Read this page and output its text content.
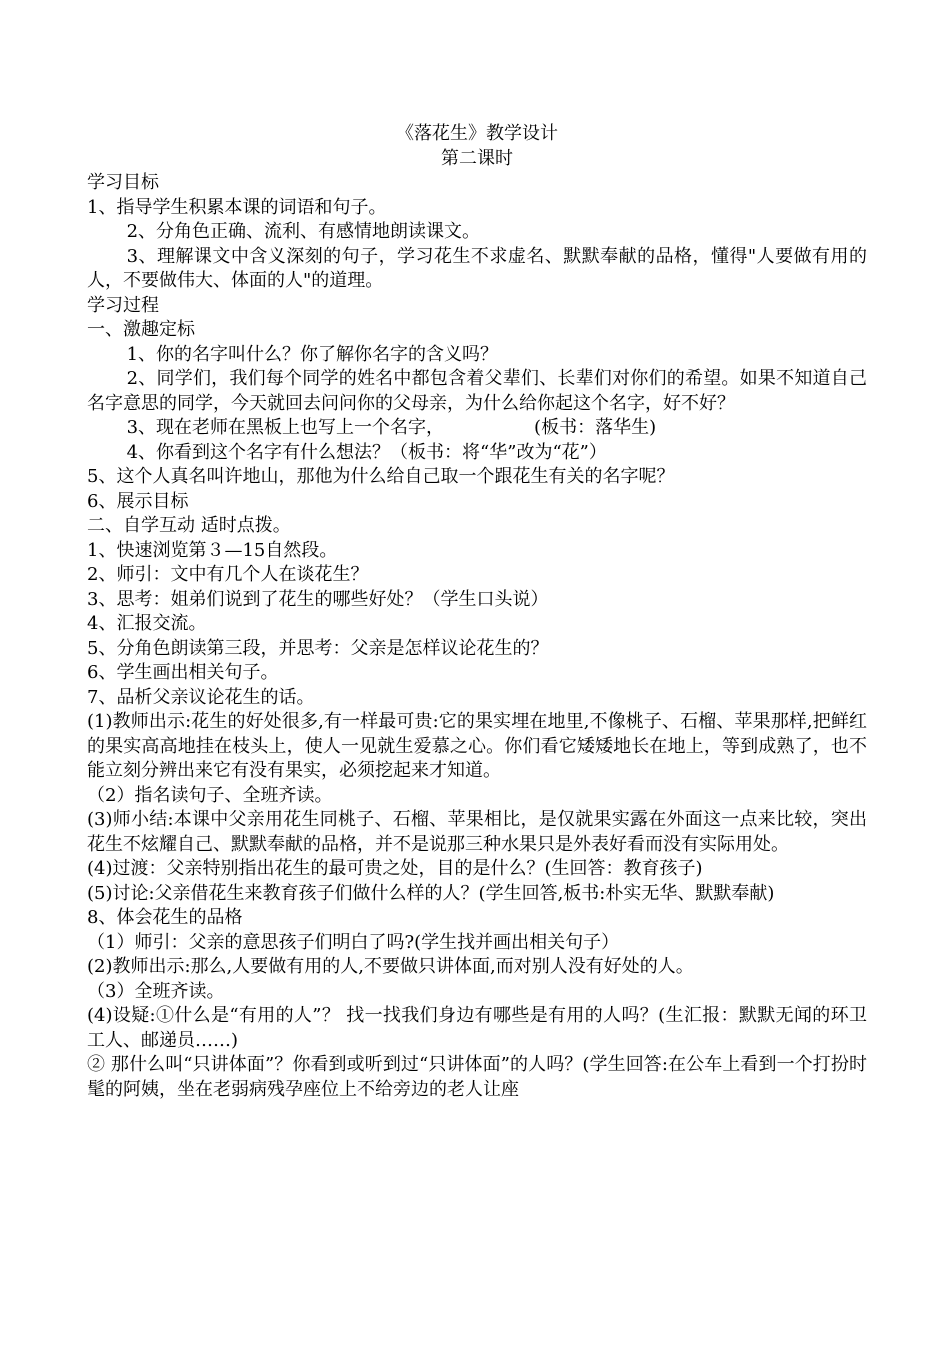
《落花生》教学设计
第二课时

学习目标

1、指导学生积累本课的词语和句子。

2、分角色正确、流利、有感情地朗读课文。

3、理解课文中含义深刻的句子，学习花生不求虚名、默默奉献的品格，懂得"人要做有用的人，不要做伟大、体面的人"的道理。

学习过程

一、激趣定标

1、你的名字叫什么？你了解你名字的含义吗？

2、同学们，我们每个同学的姓名中都包含着父辈们、长辈们对你们的希望。如果不知道自己名字意思的同学，今天就回去问问你的父母亲，为什么给你起这个名字，好不好？

3、现在老师在黑板上也写上一个名字，	(板书：落华生)

4、你看到这个名字有什么想法？（板书：将“华”改为“花”）

5、这个人真名叫许地山，那他为什么给自己取一个跟花生有关的名字呢？

6、展示目标

二、自学互动 适时点拨。

1、快速浏览第３—15自然段。

2、师引：文中有几个人在谈花生？

3、思考：姐弟们说到了花生的哪些好处？（学生口头说）

4、汇报交流。

5、分角色朗读第三段，并思考：父亲是怎样议论花生的？

6、学生画出相关句子。

7、品析父亲议论花生的话。

(1)教师出示:花生的好处很多,有一样最可贵:它的果实埋在地里,不像桃子、石榴、苹果那样,把鲜红的果实高高地挂在枝头上，使人一见就生爱慕之心。你们看它矮矮地长在地上，等到成熟了，也不能立刻分辨出来它有没有果实，必须挖起来才知道。

（2）指名读句子、全班齐读。

(3)师小结:本课中父亲用花生同桃子、石榴、苹果相比，是仅就果实露在外面这一点来比较，突出花生不炫耀自己、默默奉献的品格，并不是说那三种水果只是外表好看而没有实际用处。

(4)过渡：父亲特别指出花生的最可贵之处，目的是什么？(生回答：教育孩子)

(5)讨论:父亲借花生来教育孩子们做什么样的人？(学生回答,板书:朴实无华、默默奉献)

8、体会花生的品格

（1）师引：父亲的意思孩子们明白了吗?(学生找并画出相关句子）

(2)教师出示:那么,人要做有用的人,不要做只讲体面,而对别人没有好处的人。

（3）全班齐读。

(4)设疑:①什么是“有用的人”？ 找一找我们身边有哪些是有用的人吗？(生汇报：默默无闻的环卫工人、邮递员……)

② 那什么叫“只讲体面”？你看到或听到过“只讲体面”的人吗？(学生回答:在公车上看到一个打扮时髦的阿姨，坐在老弱病残孕座位上不给旁边的老人让座
